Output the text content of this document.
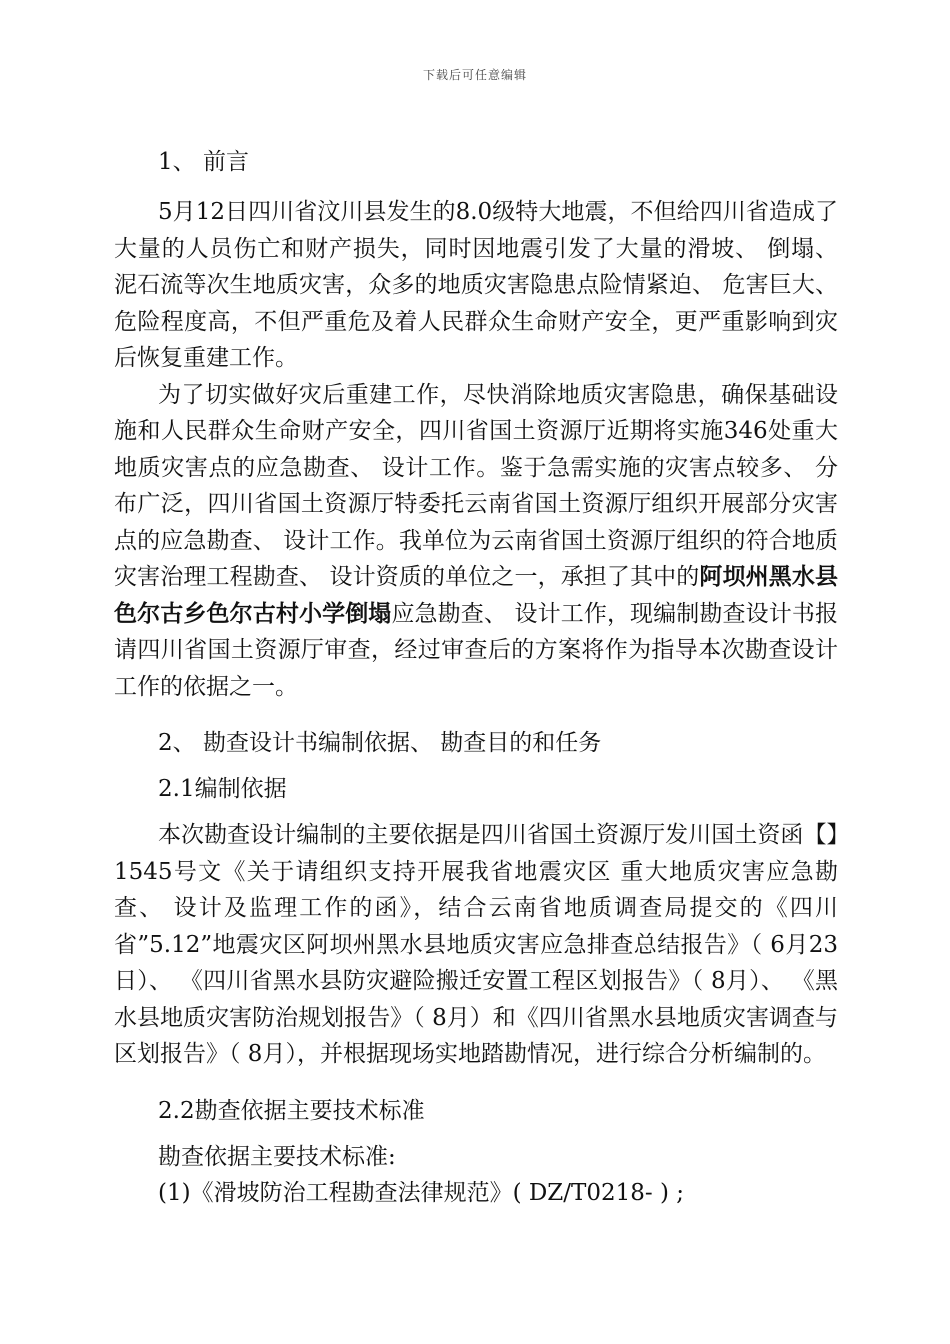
下载后可任意编辑

1、 前言

5月12日四川省汶川县发生的8.0级特大地震，不但给四川省造成了大量的人员伤亡和财产损失，同时因地震引发了大量的滑坡、 倒塌、 泥石流等次生地质灾害，众多的地质灾害隐患点险情紧迫、 危害巨大、 危险程度高，不但严重危及着人民群众生命财产安全，更严重影响到灾后恢复重建工作。

为了切实做好灾后重建工作，尽快消除地质灾害隐患，确保基础设施和人民群众生命财产安全，四川省国土资源厅近期将实施346处重大地质灾害点的应急勘查、 设计工作。鉴于急需实施的灾害点较多、 分布广泛，四川省国土资源厅特委托云南省国土资源厅组织开展部分灾害点的应急勘查、 设计工作。我单位为云南省国土资源厅组织的符合地质灾害治理工程勘查、 设计资质的单位之一，承担了其中的阿坝州黑水县色尔古乡色尔古村小学倒塌应急勘查、 设计工作，现编制勘查设计书报请四川省国土资源厅审查，经过审查后的方案将作为指导本次勘查设计工作的依据之一。

2、 勘查设计书编制依据、 勘查目的和任务

2.1编制依据

本次勘查设计编制的主要依据是四川省国土资源厅发川国土资函【】1545号文《关于请组织支持开展我省地震灾区 重大地质灾害应急勘查、 设计及监理工作的函》，结合云南省地质调查局提交的《四川省”5.12”地震灾区阿坝州黑水县地质灾害应急排查总结报告》（ 6月23日）、 《四川省黑水县防灾避险搬迁安置工程区划报告》（ 8月）、 《黑水县地质灾害防治规划报告》（ 8月）和《四川省黑水县地质灾害调查与区划报告》（ 8月），并根据现场实地踏勘情况，进行综合分析编制的。

2.2勘查依据主要技术标准

勘查依据主要技术标准:

(1)《滑坡防治工程勘查法律规范》( DZ/T0218- ) ;
